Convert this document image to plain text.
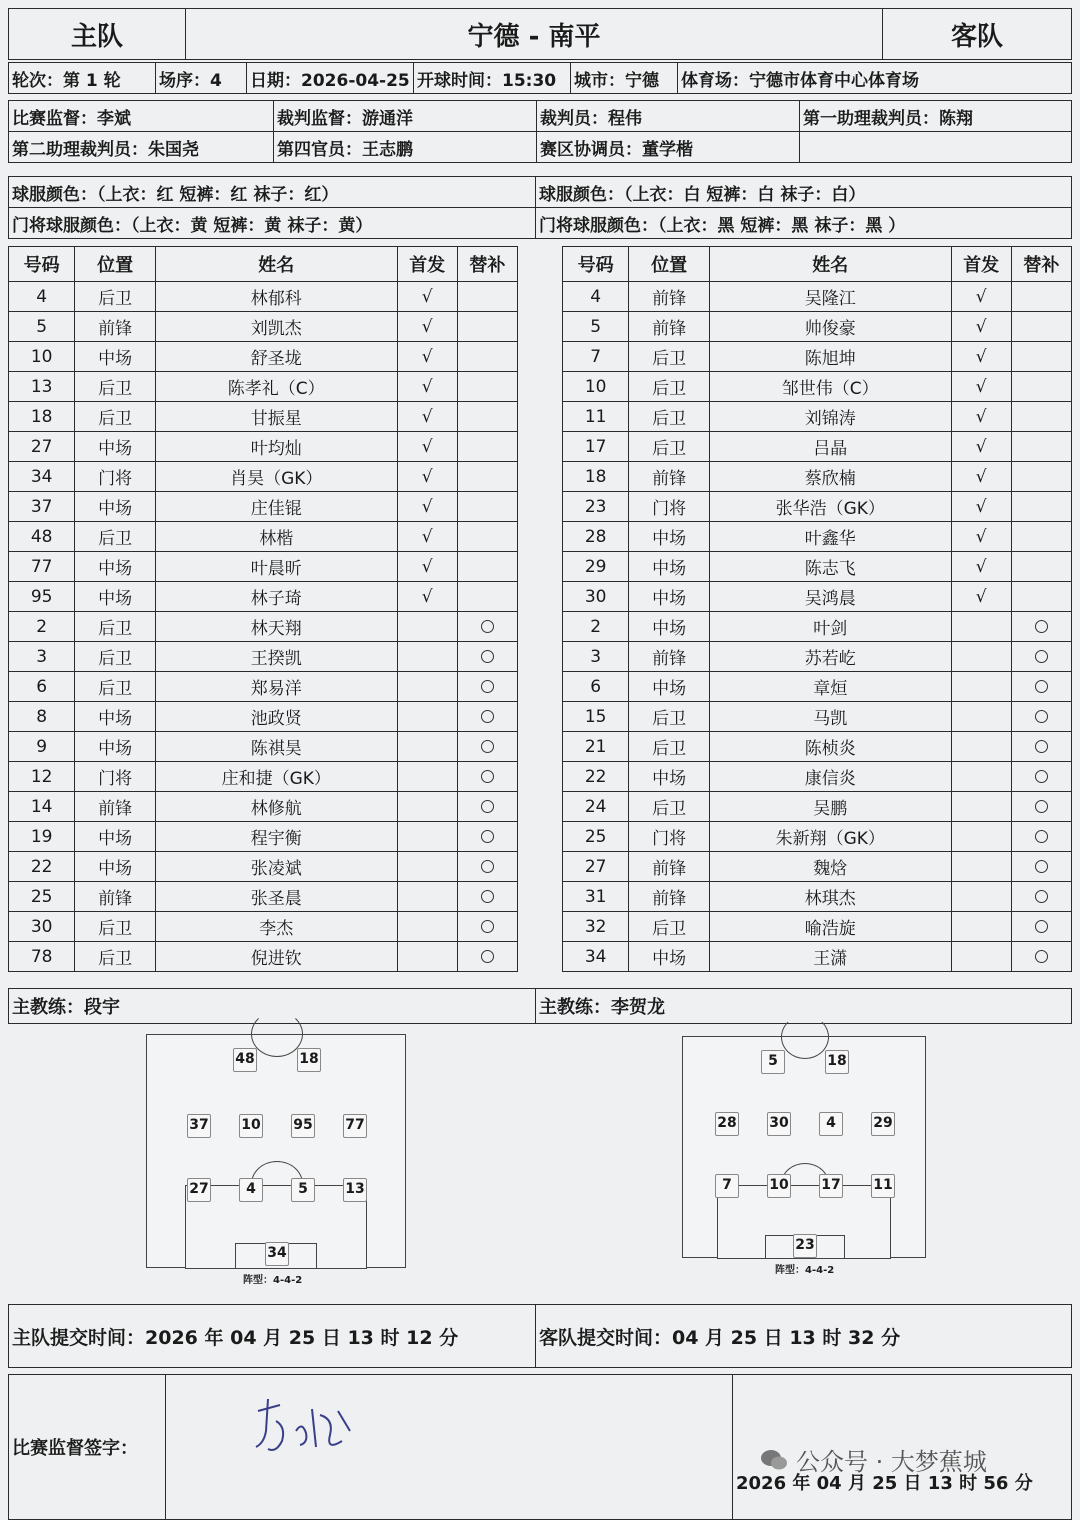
主队	宁德 - 南平	客队
轮次：第 1 轮	场序：4	日期：2026-04-25	开球时间：15:30	城市：宁德	体育场：宁德市体育中心体育场
比赛监督：李斌	裁判监督：游通洋	裁判员：程伟	第一助理裁判员：陈翔
第二助理裁判员：朱国尧	第四官员：王志鹏	赛区协调员：董学楷	
球服颜色：（上衣：红 短裤：红 袜子：红）	球服颜色：（上衣：白 短裤：白 袜子：白）
门将球服颜色：（上衣：黄 短裤：黄 袜子：黄）	门将球服颜色：（上衣：黑 短裤：黑 袜子：黑 ）
号码	位置	姓名	首发	替补
4	后卫	林郁科	√	
5	前锋	刘凯杰	√	
10	中场	舒圣垅	√	
13	后卫	陈孝礼（C）	√	
18	后卫	甘振星	√	
27	中场	叶均灿	√	
34	门将	肖昊（GK）	√	
37	中场	庄佳锟	√	
48	后卫	林楷	√	
77	中场	叶晨昕	√	
95	中场	林子琦	√	
2	后卫	林天翔		
3	后卫	王揆凯		
6	后卫	郑易洋		
8	中场	池政贤		
9	中场	陈祺昊		
12	门将	庄和捷（GK）		
14	前锋	林修航		
19	中场	程宇衡		
22	中场	张凌斌		
25	前锋	张圣晨		
30	后卫	李杰		
78	后卫	倪进钦		
号码	位置	姓名	首发	替补
4	前锋	吴隆江	√	
5	前锋	帅俊豪	√	
7	后卫	陈旭坤	√	
10	后卫	邹世伟（C）	√	
11	后卫	刘锦涛	√	
17	后卫	吕晶	√	
18	前锋	蔡欣楠	√	
23	门将	张华浩（GK）	√	
28	中场	叶鑫华	√	
29	中场	陈志飞	√	
30	中场	吴鸿晨	√	
2	中场	叶剑		
3	前锋	苏若屹		
6	中场	章烜		
15	后卫	马凯		
21	后卫	陈桢炎		
22	中场	康信炎		
24	后卫	吴鹏		
25	门将	朱新翔（GK）		
27	前锋	魏焓		
31	前锋	林琪杰		
32	后卫	喻浩旋		
34	中场	王潇		
主教练：段宇	主教练：李贺龙
阵型：4-4-2
48	18
37 10 95 77
27	4	5	13
34
阵型：4-4-2
5	18
28 30	4	29
7	10 17 11
23
主队提交时间：2026 年 04 月 25 日 13 时 12 分	客队提交时间：04 月 25 日 13 时 32 分
比赛监督签字：	
	2026 年 04 月 25 日 13 时 56 分
公众号 · 大梦蕉城
